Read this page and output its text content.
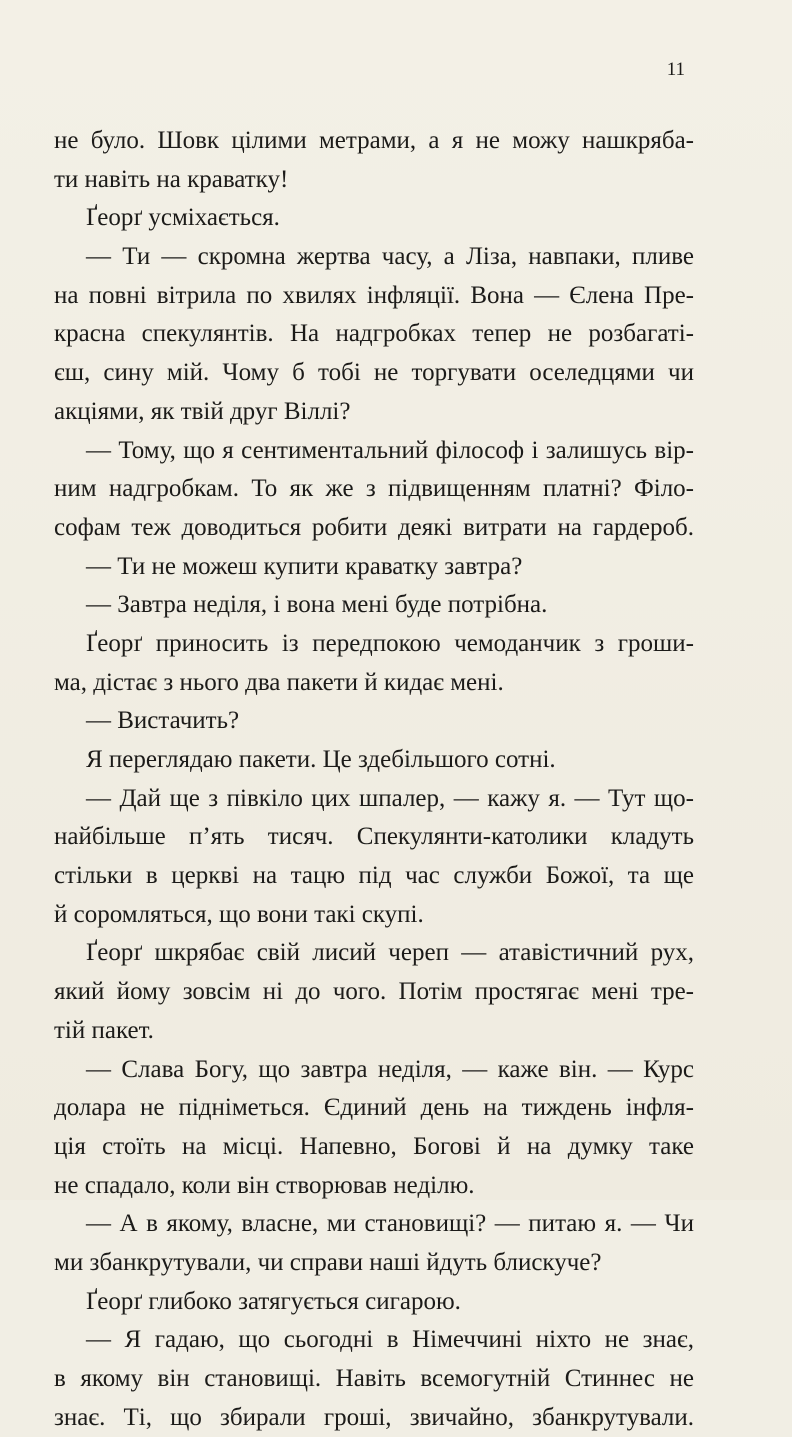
11
не було. Шовк цілими метрами, а я не можу нашкряба-
ти навіть на краватку!
Ґеорґ усміхається.
— Ти — скромна жертва часу, а Ліза, навпаки, пливе
на повні вітрила по хвилях інфляції. Вона — Єлена Пре-
красна спекулянтів. На надгробках тепер не розбагаті-
єш, сину мій. Чому б тобі не торгувати оселедцями чи
акціями, як твій друг Віллі?
— Тому, що я сентиментальний філософ і залишусь вір-
ним надгробкам. То як же з підвищенням платні? Філо-
софам теж доводиться робити деякі витрати на гардероб.
— Ти не можеш купити краватку завтра?
— Завтра неділя, і вона мені буде потрібна.
Ґеорґ приносить із передпокою чемоданчик з гроши-
ма, дістає з нього два пакети й кидає мені.
— Вистачить?
Я переглядаю пакети. Це здебільшого сотні.
— Дай ще з півкіло цих шпалер, — кажу я. — Тут що-
найбільше п’ять тисяч. Спекулянти-католики кладуть
стільки в церкві на тацю під час служби Божої, та ще
й соромляться, що вони такі скупі.
Ґеорґ шкрябає свій лисий череп — атавістичний рух,
який йому зовсім ні до чого. Потім простягає мені тре-
тій пакет.
— Слава Богу, що завтра неділя, — каже він. — Курс
долара не підніметься. Єдиний день на тиждень інфля-
ція стоїть на місці. Напевно, Богові й на думку таке
не спадало, коли він створював неділю.
— А в якому, власне, ми становищі? — питаю я. — Чи
ми збанкрутували, чи справи наші йдуть блискуче?
Ґеорґ глибоко затягується сигарою.
— Я гадаю, що сьогодні в Німеччині ніхто не знає,
в якому він становищі. Навіть всемогутній Стиннес не
знає. Ті, що збирали гроші, звичайно, збанкрутували.
